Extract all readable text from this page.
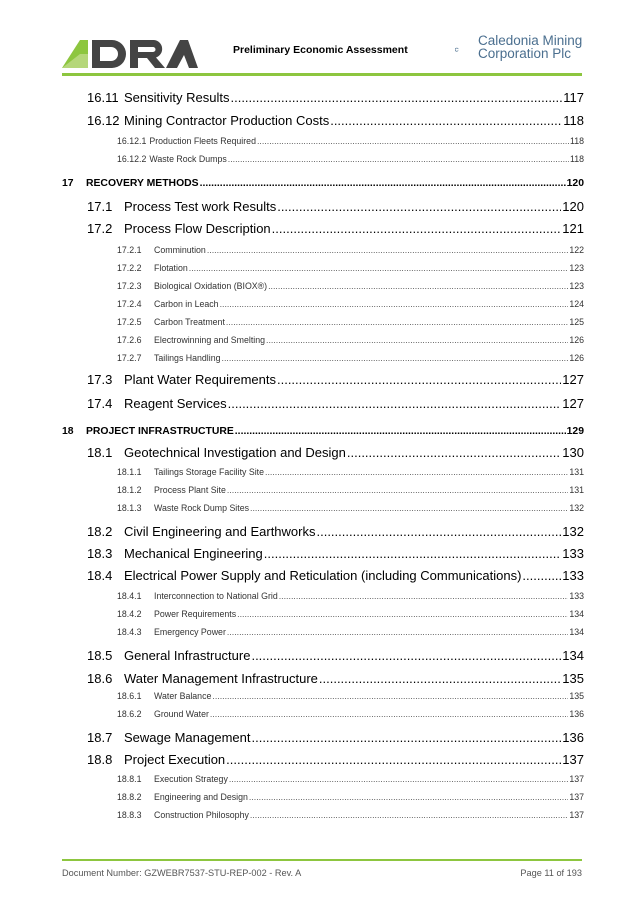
Preliminary Economic Assessment
Caledonia Mining
Corporation Plc
16.11 Sensitivity Results .....	117
16.12 Mining Contractor Production Costs .....	118
16.12.1 Production Fleets Required .....	118
16.12.2 Waste Rock Dumps .....	118
17	RECOVERY METHODS .....	120
17.1 Process Test work Results .....	120
17.2 Process Flow Description .....	121
17.2.1	Comminution .....	122
17.2.2	Flotation .....	123
17.2.3	Biological Oxidation (BIOX®) .....	123
17.2.4	Carbon in Leach .....	124
17.2.5	Carbon Treatment .....	125
17.2.6	Electrowinning and Smelting .....	126
17.2.7	Tailings Handling .....	126
17.3 Plant Water Requirements .....	127
17.4 Reagent Services .....	127
18	PROJECT INFRASTRUCTURE .....	129
18.1 Geotechnical Investigation and Design .....	130
18.1.1	Tailings Storage Facility Site .....	131
18.1.2	Process Plant Site .....	131
18.1.3	Waste Rock Dump Sites .....	132
18.2 Civil Engineering and Earthworks .....	132
18.3 Mechanical Engineering .....	133
18.4 Electrical Power Supply and Reticulation (including Communications) .....	133
18.4.1	Interconnection to National Grid .....	133
18.4.2	Power Requirements .....	134
18.4.3	Emergency Power .....	134
18.5 General Infrastructure .....	134
18.6 Water Management Infrastructure .....	135
18.6.1	Water Balance .....	135
18.6.2	Ground Water .....	136
18.7 Sewage Management .....	136
18.8 Project Execution .....	137
18.8.1	Execution Strategy .....	137
18.8.2	Engineering and Design .....	137
18.8.3	Construction Philosophy .....	137
Document Number: GZWEBR7537-STU-REP-002 - Rev. A	Page 11 of 193
